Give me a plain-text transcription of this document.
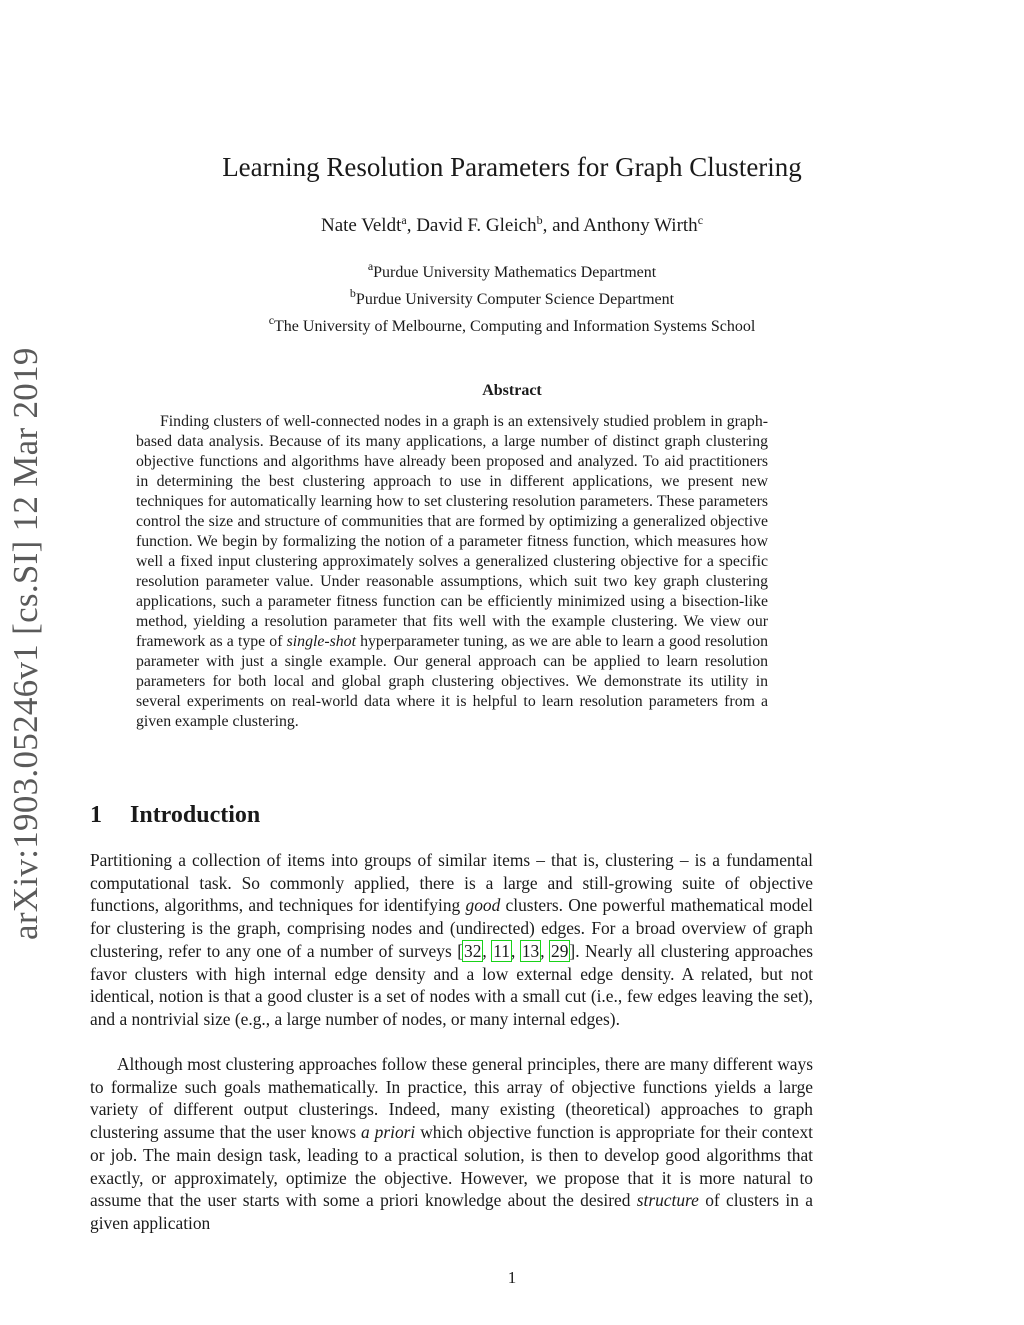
arXiv:1903.05246v1 [cs.SI] 12 Mar 2019
Learning Resolution Parameters for Graph Clustering
Nate Veldt$^a$, David F. Gleich$^b$, and Anthony Wirth$^c$
$^a$Purdue University Mathematics Department
$^b$Purdue University Computer Science Department
$^c$The University of Melbourne, Computing and Information Systems School
Abstract
Finding clusters of well-connected nodes in a graph is an extensively studied problem in graph-based data analysis. Because of its many applications, a large number of distinct graph clustering objective functions and algorithms have already been proposed and analyzed. To aid practitioners in determining the best clustering approach to use in different applications, we present new techniques for automatically learning how to set clustering resolution parameters. These parameters control the size and structure of communities that are formed by optimizing a generalized objective function. We begin by formalizing the notion of a parameter fitness function, which measures how well a fixed input clustering approximately solves a generalized clustering objective for a specific resolution parameter value. Under reasonable assumptions, which suit two key graph clustering applications, such a parameter fitness function can be efficiently minimized using a bisection-like method, yielding a resolution parameter that fits well with the example clustering. We view our framework as a type of single-shot hyperparameter tuning, as we are able to learn a good resolution parameter with just a single example. Our general approach can be applied to learn resolution parameters for both local and global graph clustering objectives. We demonstrate its utility in several experiments on real-world data where it is helpful to learn resolution parameters from a given example clustering.
1 Introduction
Partitioning a collection of items into groups of similar items – that is, clustering – is a fundamental computational task. So commonly applied, there is a large and still-growing suite of objective functions, algorithms, and techniques for identifying good clusters. One powerful mathematical model for clustering is the graph, comprising nodes and (undirected) edges. For a broad overview of graph clustering, refer to any one of a number of surveys [32, 11, 13, 29]. Nearly all clustering approaches favor clusters with high internal edge density and a low external edge density. A related, but not identical, notion is that a good cluster is a set of nodes with a small cut (i.e., few edges leaving the set), and a nontrivial size (e.g., a large number of nodes, or many internal edges).
Although most clustering approaches follow these general principles, there are many different ways to formalize such goals mathematically. In practice, this array of objective functions yields a large variety of different output clusterings. Indeed, many existing (theoretical) approaches to graph clustering assume that the user knows a priori which objective function is appropriate for their context or job. The main design task, leading to a practical solution, is then to develop good algorithms that exactly, or approximately, optimize the objective. However, we propose that it is more natural to assume that the user starts with some a priori knowledge about the desired structure of clusters in a given application
1
